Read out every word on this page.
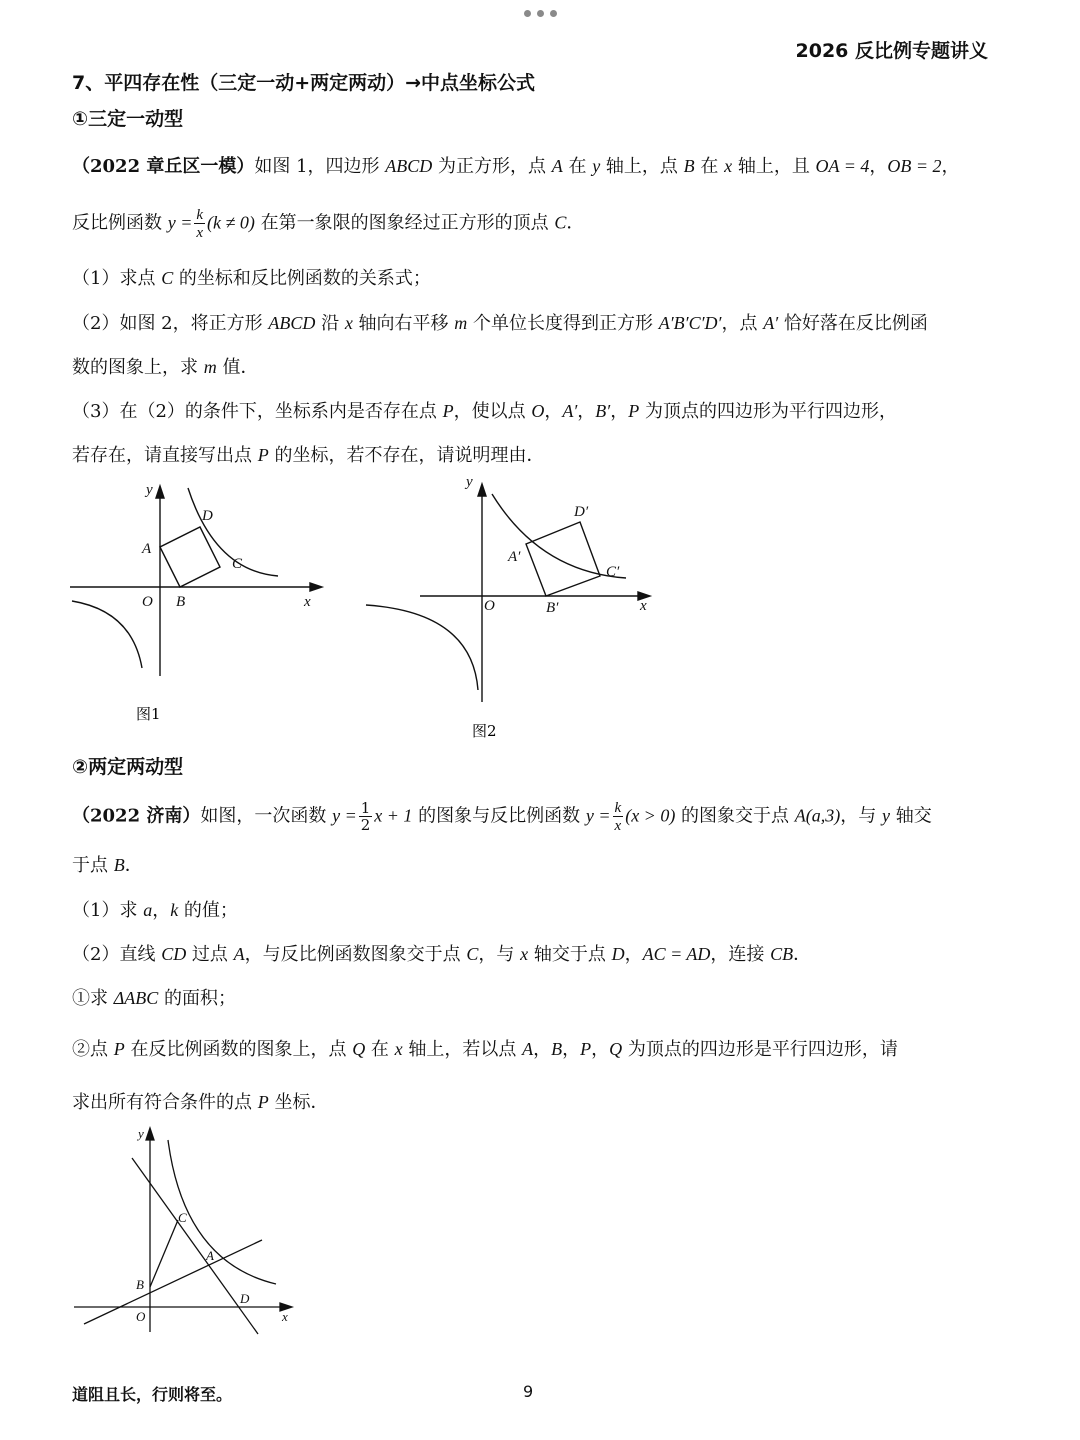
2026 反比例专题讲义
7、平四存在性（三定一动+两定两动）→中点坐标公式
①三定一动型
（2022 章丘区一模）如图 1，四边形 ABCD 为正方形，点 A 在 y 轴上，点 B 在 x 轴上，且 OA = 4，OB = 2，
反比例函数 $y = \frac{k}{x} (k \ne 0)$ 在第一象限的图象经过正方形的顶点 C．
（1）求点 C 的坐标和反比例函数的关系式；
（2）如图 2，将正方形 ABCD 沿 x 轴向右平移 m 个单位长度得到正方形 A′B′C′D′，点 A′ 恰好落在反比例函
数的图象上，求 m 值．
（3）在（2）的条件下，坐标系内是否存在点 P，使以点 O，A′，B′，P 为顶点的四边形为平行四边形，
若存在，请直接写出点 P 的坐标，若不存在，请说明理由．
y
x
O
A
B
C
D
图1
y
x
O
A′
B′
C′
D′
图2
②两定两动型
（2022 济南）如图，一次函数 $y = \frac{1}{2}$ x + 1 的图象与反比例函数 $y = \frac{k}{x} (x > 0)$ 的图象交于点 A(a,3)，与 y 轴交
于点 B．
（1）求 a，k 的值；
（2）直线 CD 过点 A，与反比例函数图象交于点 C，与 x 轴交于点 D，AC = AD，连接 CB．
①求 ΔABC 的面积；
②点 P 在反比例函数的图象上，点 Q 在 x 轴上，若以点 A，B，P，Q 为顶点的四边形是平行四边形，请
求出所有符合条件的点 P 坐标．
y
x
O
A
B
C
D
道阻且长，行则将至。	9
